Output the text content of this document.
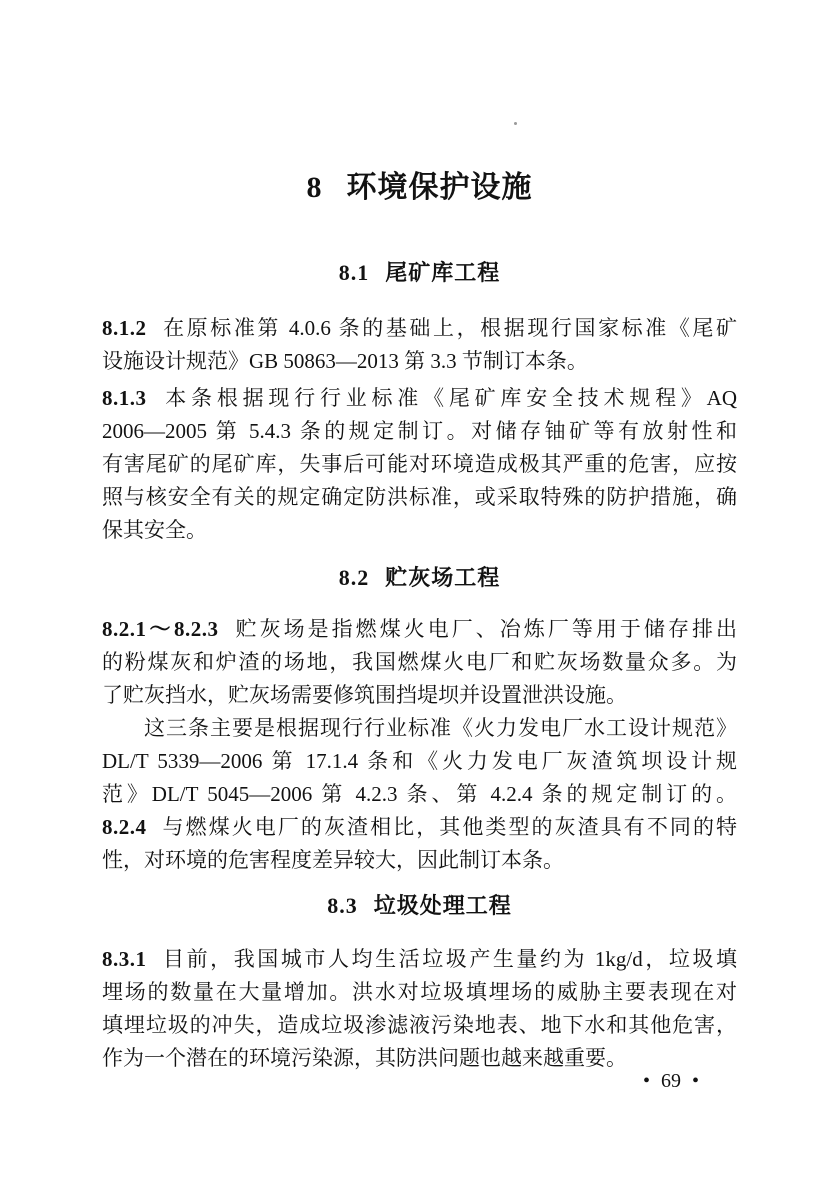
8 环境保护设施
8.1 尾矿库工程
8.1.2 在原标准第 4.0.6 条的基础上，根据现行国家标准《尾矿
设施设计规范》GB 50863—2013 第 3.3 节制订本条。
8.1.3 本条根据现行行业标准《尾矿库安全技术规程》AQ
2006—2005 第 5.4.3 条的规定制订。对储存铀矿等有放射性和
有害尾矿的尾矿库，失事后可能对环境造成极其严重的危害，应按
照与核安全有关的规定确定防洪标准，或采取特殊的防护措施，确
保其安全。
8.2 贮灰场工程
8.2.1～8.2.3 贮灰场是指燃煤火电厂、冶炼厂等用于储存排出
的粉煤灰和炉渣的场地，我国燃煤火电厂和贮灰场数量众多。为
了贮灰挡水，贮灰场需要修筑围挡堤坝并设置泄洪设施。
这三条主要是根据现行行业标准《火力发电厂水工设计规范》
DL/T 5339—2006 第 17.1.4 条和《火力发电厂灰渣筑坝设计规
范》DL/T 5045—2006 第 4.2.3 条、第 4.2.4 条的规定制订的。
8.2.4 与燃煤火电厂的灰渣相比，其他类型的灰渣具有不同的特
性，对环境的危害程度差异较大，因此制订本条。
8.3 垃圾处理工程
8.3.1 目前，我国城市人均生活垃圾产生量约为 1kg/d，垃圾填
埋场的数量在大量增加。洪水对垃圾填埋场的威胁主要表现在对
填埋垃圾的冲失，造成垃圾渗滤液污染地表、地下水和其他危害，
作为一个潜在的环境污染源，其防洪问题也越来越重要。
• 69 •
